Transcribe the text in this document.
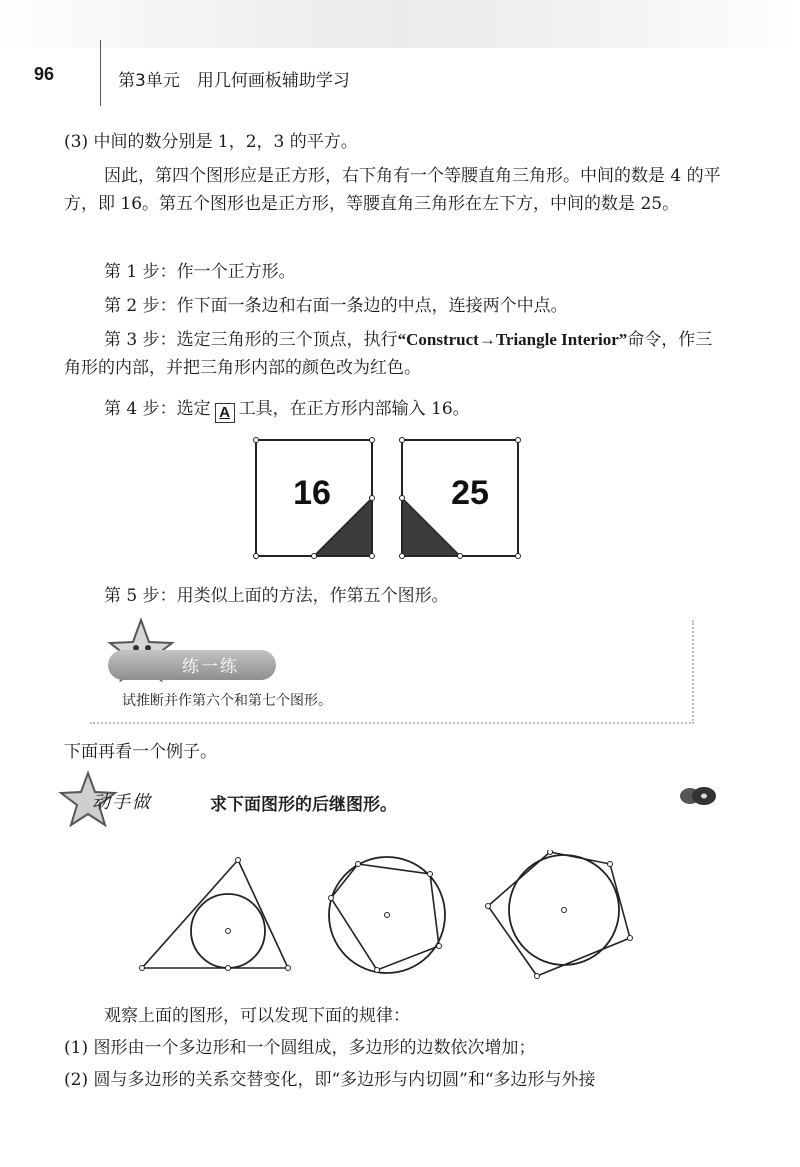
96	第3单元　用几何画板辅助学习
(3) 中间的数分别是 1，2，3 的平方。
因此，第四个图形应是正方形，右下角有一个等腰直角三角形。中间的数是 4 的平方，即 16。第五个图形也是正方形，等腰直角三角形在左下方，中间的数是 25。
第 1 步：作一个正方形。
第 2 步：作下面一条边和右面一条边的中点，连接两个中点。
第 3 步：选定三角形的三个顶点，执行“Construct→Triangle Interior”命令，作三角形的内部，并把三角形内部的颜色改为红色。
第 4 步：选定 A 工具，在正方形内部输入 16。
16	25
第 5 步：用类似上面的方法，作第五个图形。
练一练
试推断并作第六个和第七个图形。
下面再看一个例子。
动手做	求下面图形的后继图形。
观察上面的图形，可以发现下面的规律：
(1) 图形由一个多边形和一个圆组成，多边形的边数依次增加；
(2) 圆与多边形的关系交替变化，即“多边形与内切圆”和“多边形与外接
